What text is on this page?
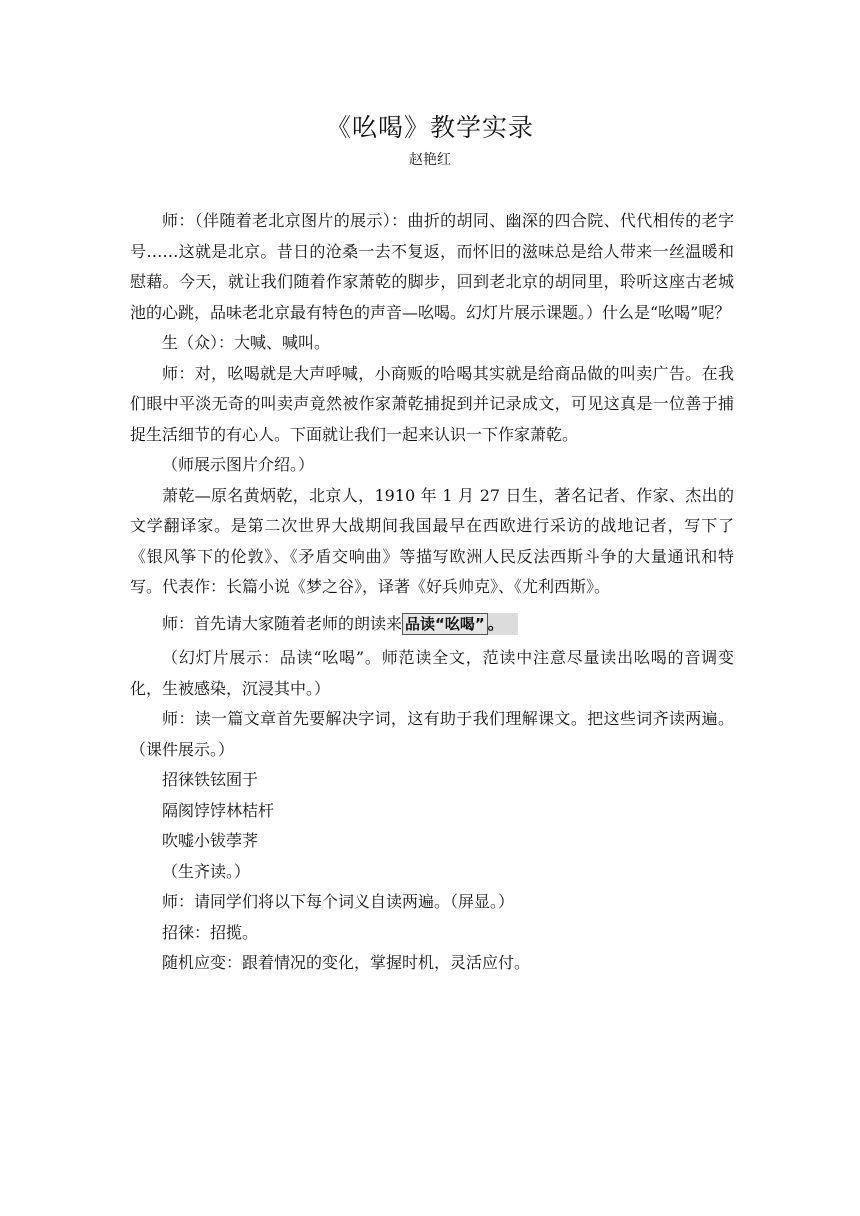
《吆喝》教学实录
赵艳红

师：（伴随着老北京图片的展示）：曲折的胡同、幽深的四合院、代代相传的老字号……这就是北京。昔日的沧桑一去不复返，而怀旧的滋味总是给人带来一丝温暖和慰藉。今天，就让我们随着作家萧乾的脚步，回到老北京的胡同里，聆听这座古老城池的心跳，品味老北京最有特色的声音—吆喝。幻灯片展示课题。）什么是“吆喝”呢？

生（众）：大喊、喊叫。

师：对，吆喝就是大声呼喊，小商贩的哈喝其实就是给商品做的叫卖广告。在我们眼中平淡无奇的叫卖声竟然被作家萧乾捕捉到并记录成文，可见这真是一位善于捕捉生活细节的有心人。下面就让我们一起来认识一下作家萧乾。

（师展示图片介绍。）

萧乾—原名黄炳乾，北京人，1910 年 1 月 27 日生，著名记者、作家、杰出的文学翻译家。是第二次世界大战期间我国最早在西欧进行采访的战地记者，写下了《银风筝下的伦敦》、《矛盾交响曲》等描写欧洲人民反法西斯斗争的大量通讯和特写。代表作：长篇小说《梦之谷》，译著《好兵帅克》、《尤利西斯》。

师：首先请大家随着老师的朗读来 品读“吆喝” 。

（幻灯片展示：品读“吆喝”。师范读全文，范读中注意尽量读出吆喝的音调变化，生被感染，沉浸其中。）

师：读一篇文章首先要解决字词，这有助于我们理解课文。把这些词齐读两遍。（课件展示。）

招徕铁铉囿于

隔阂饽饽林桔杆

吹嘘小钹荸荠

（生齐读。）

师：请同学们将以下每个词义自读两遍。（屏显。）

招徕：招揽。

随机应变：跟着情况的变化，掌握时机，灵活应付。
